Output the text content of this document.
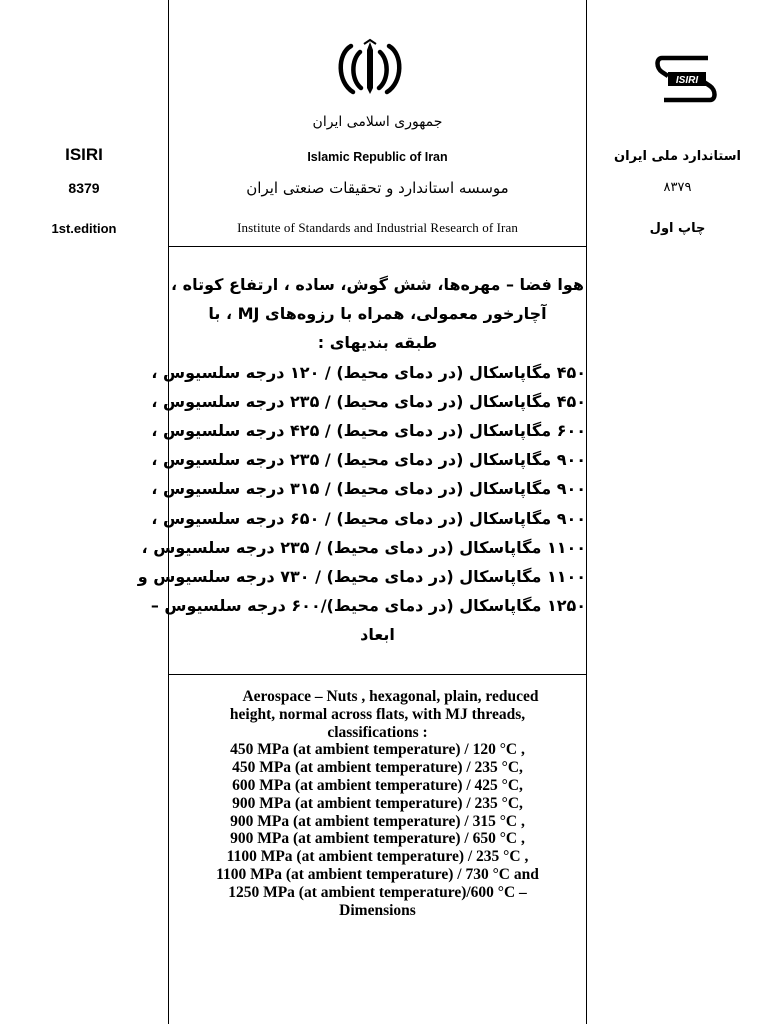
ISIRI
8379
1st.edition
جمهوری اسلامی ایران
Islamic Republic of Iran
موسسه استاندارد و تحقیقات صنعتی ایران
Institute of Standards and Industrial Research of Iran
ISIRI
استاندارد ملی ایران
۸۳۷۹
چاپ اول
هوا فضا – مهره‌ها، شش گوش، ساده ، ارتفاع کوتاه ،
آچارخور معمولی، همراه با رزوه‌های MJ ، با
طبقه بندیهای :
۴۵۰ مگاپاسکال (در دمای محیط) / ۱۲۰ درجه سلسیوس ،
۴۵۰ مگاپاسکال (در دمای محیط) / ۲۳۵ درجه سلسیوس ،
۶۰۰ مگاپاسکال (در دمای محیط) / ۴۲۵ درجه سلسیوس ،
۹۰۰ مگاپاسکال (در دمای محیط) / ۲۳۵ درجه سلسیوس ،
۹۰۰ مگاپاسکال (در دمای محیط) / ۳۱۵ درجه سلسیوس ،
۹۰۰ مگاپاسکال (در دمای محیط) / ۶۵۰ درجه سلسیوس ،
۱۱۰۰ مگاپاسکال (در دمای محیط) / ۲۳۵ درجه سلسیوس ،
۱۱۰۰ مگاپاسکال (در دمای محیط) / ۷۳۰ درجه سلسیوس و
۱۲۵۰ مگاپاسکال (در دمای محیط)/۶۰۰ درجه سلسیوس –
ابعاد
Aerospace – Nuts , hexagonal, plain, reduced
height, normal across flats, with MJ threads,
classifications :
450 MPa (at ambient temperature) / 120 °C ,
450 MPa (at ambient temperature) / 235 °C,
600 MPa (at ambient temperature) / 425 °C,
900 MPa (at ambient temperature) / 235 °C,
900 MPa (at ambient temperature) / 315 °C ,
900 MPa (at ambient temperature) / 650 °C ,
1100 MPa (at ambient temperature) / 235 °C ,
1100 MPa (at ambient temperature) / 730 °C and
1250 MPa (at ambient temperature)/600 °C –
Dimensions
